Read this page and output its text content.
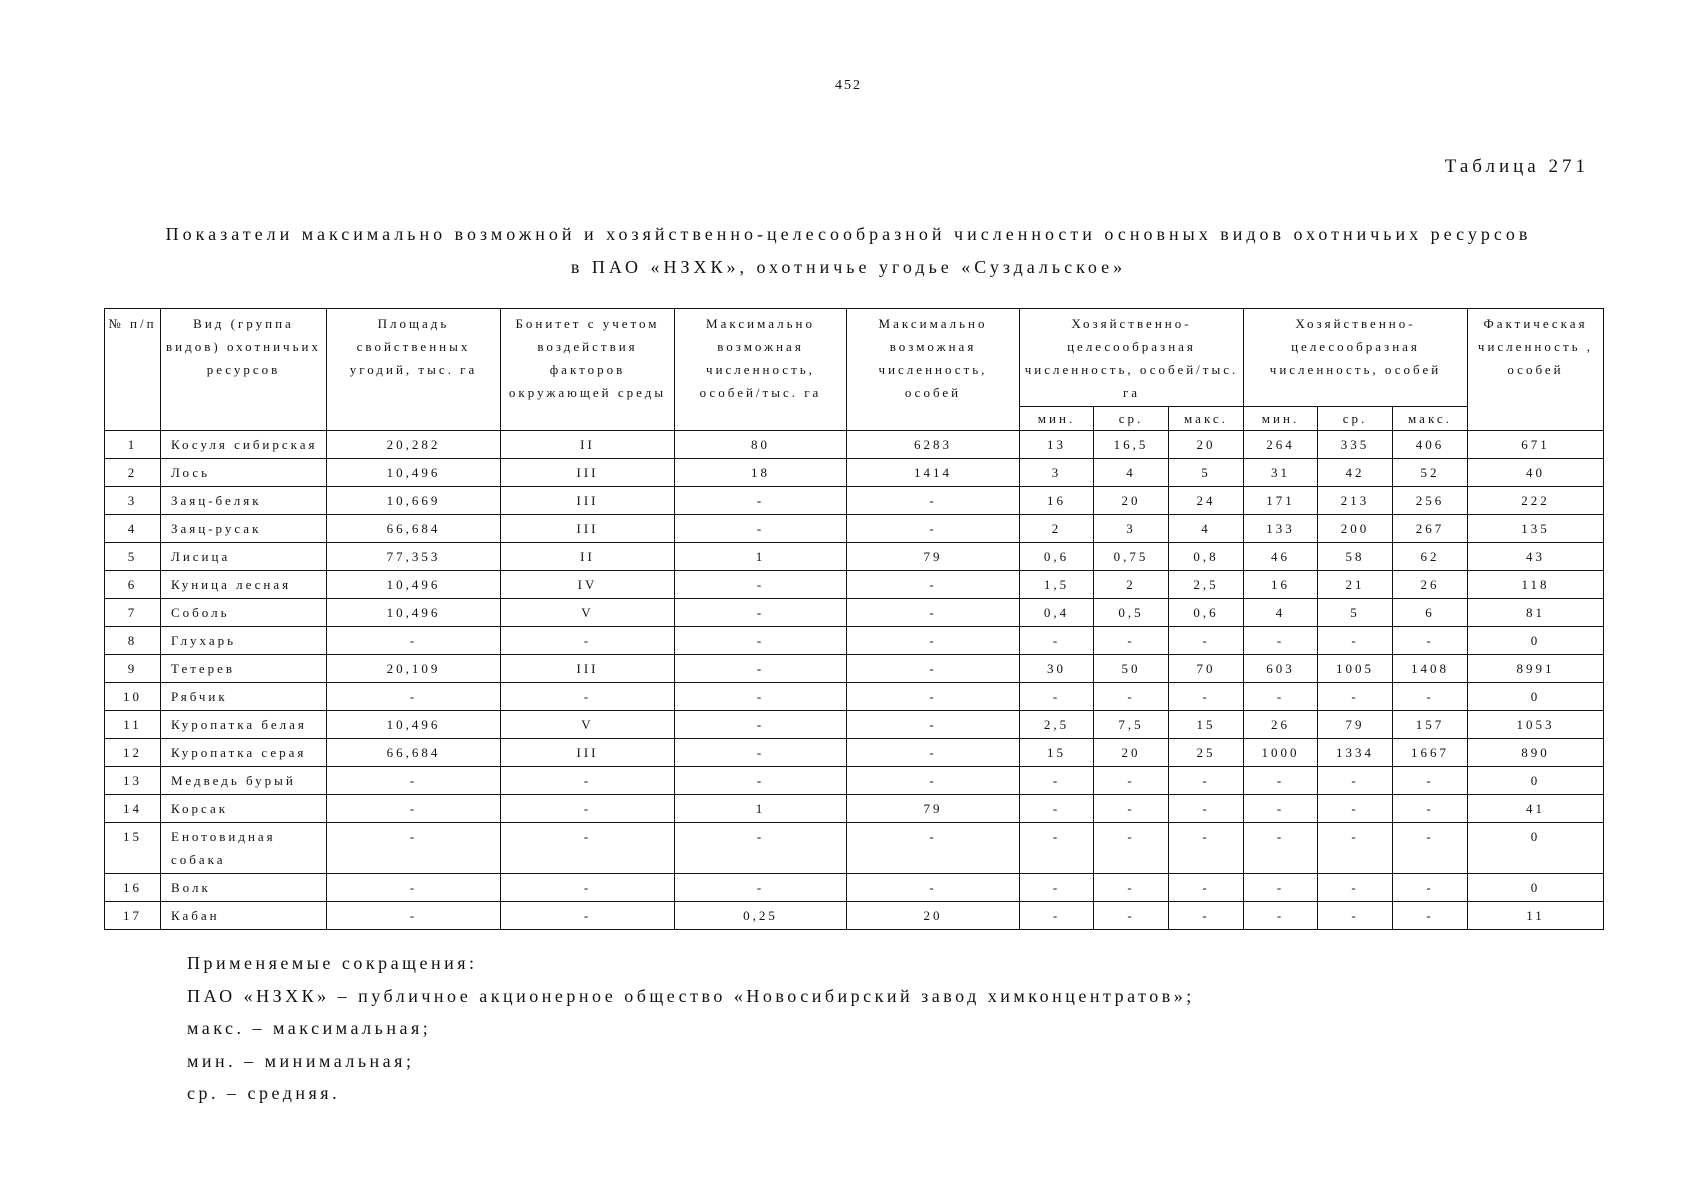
452
Таблица 271
Показатели максимально возможной и хозяйственно-целесообразной численности основных видов охотничьих ресурсов
в ПАО «НЗХК», охотничье угодье «Суздальское»
№ п/п	Вид (группа видов) охотничьих ресурсов	Площадь свойственных угодий, тыс. га	Бонитет с учетом воздействия факторов окружающей среды	Максимально возможная численность, особей/тыс. га	Максимально возможная численность, особей	Хозяйственно-целесообразная численность, особей/тыс. га			Хозяйственно-целесообразная численность, особей			Фактическая численность , особей
						мин.	ср.	макс.	мин.	ср.	макс.	
1	Косуля сибирская	20,282	II	80	6283	13	16,5	20	264	335	406	671
2	Лось	10,496	III	18	1414	3	4	5	31	42	52	40
3	Заяц-беляк	10,669	III	-	-	16	20	24	171	213	256	222
4	Заяц-русак	66,684	III	-	-	2	3	4	133	200	267	135
5	Лисица	77,353	II	1	79	0,6	0,75	0,8	46	58	62	43
6	Куница лесная	10,496	IV	-	-	1,5	2	2,5	16	21	26	118
7	Соболь	10,496	V	-	-	0,4	0,5	0,6	4	5	6	81
8	Глухарь	-	-	-	-	-	-	-	-	-	-	0
9	Тетерев	20,109	III	-	-	30	50	70	603	1005	1408	8991
10	Рябчик	-	-	-	-	-	-	-	-	-	-	0
11	Куропатка белая	10,496	V	-	-	2,5	7,5	15	26	79	157	1053
12	Куропатка серая	66,684	III	-	-	15	20	25	1000	1334	1667	890
13	Медведь бурый	-	-	-	-	-	-	-	-	-	-	0
14	Корсак	-	-	1	79	-	-	-	-	-	-	41
15	Енотовидная собака	-	-	-	-	-	-	-	-	-	-	0
16	Волк	-	-	-	-	-	-	-	-	-	-	0
17	Кабан	-	-	0,25	20	-	-	-	-	-	-	11
Применяемые сокращения:
ПАО «НЗХК» – публичное акционерное общество «Новосибирский завод химконцентратов»;
макс. – максимальная;
мин. – минимальная;
ср. – средняя.
